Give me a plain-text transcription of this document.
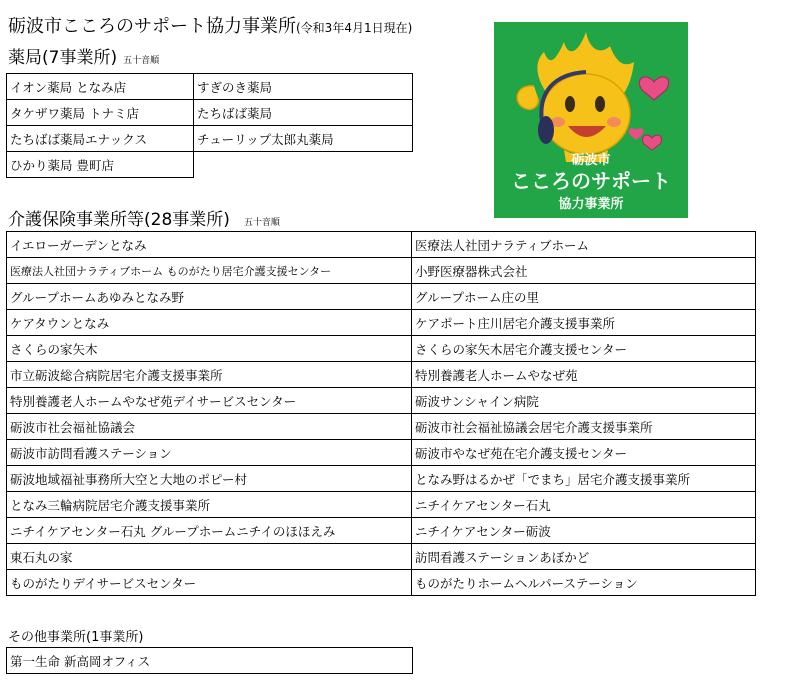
砺波市こころのサポート協力事業所(令和3年4月1日現在)
薬局(7事業所) 五十音順
イオン薬局 となみ店	すぎのき薬局
タケザワ薬局 トナミ店	たちばば薬局
たちばば薬局エナックス	チューリップ太郎丸薬局
ひかり薬局 豊町店		砺波市
こころのサポート
協力事業所
介護保険事業所等(28事業所) 五十音順
イエローガーデンとなみ	医療法人社団ナラティブホーム
医療法人社団ナラティブホーム ものがたり居宅介護支援センター	小野医療器株式会社
グループホームあゆみとなみ野	グループホーム庄の里
ケアタウンとなみ	ケアポート庄川居宅介護支援事業所
さくらの家矢木	さくらの家矢木居宅介護支援センター
市立砺波総合病院居宅介護支援事業所	特別養護老人ホームやなぜ苑
特別養護老人ホームやなぜ苑デイサービスセンター	砺波サンシャイン病院
砺波市社会福祉協議会	砺波市社会福祉協議会居宅介護支援事業所
砺波市訪問看護ステーション	砺波市やなぜ苑在宅介護支援センター
砺波地域福祉事務所大空と大地のポピー村	となみ野はるかぜ「でまち」居宅介護支援事業所
となみ三輪病院居宅介護支援事業所	ニチイケアセンター石丸
ニチイケアセンター石丸 グループホームニチイのほほえみ	ニチイケアセンター砺波
東石丸の家	訪問看護ステーションあぼかど
ものがたりデイサービスセンター	ものがたりホームヘルパーステーション
その他事業所(1事業所)
第一生命 新高岡オフィス
